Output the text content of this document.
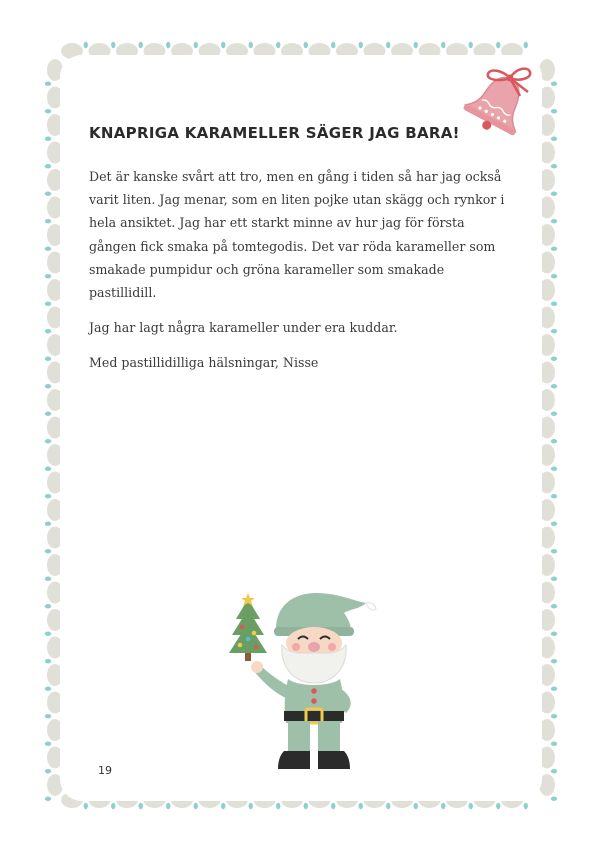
KNAPRIGA KARAMELLER SÄGER JAG BARA!

Det är kanske svårt att tro, men en gång i tiden så har jag också
varit liten. Jag menar, som en liten pojke utan skägg och rynkor i
hela ansiktet. Jag har ett starkt minne av hur jag för första
gången fick smaka på tomtegodis. Det var röda karameller som
smakade pumpidur och gröna karameller som smakade
pastillidill.

Jag har lagt några karameller under era kuddar.

Med pastillidilliga hälsningar, Nisse

19
